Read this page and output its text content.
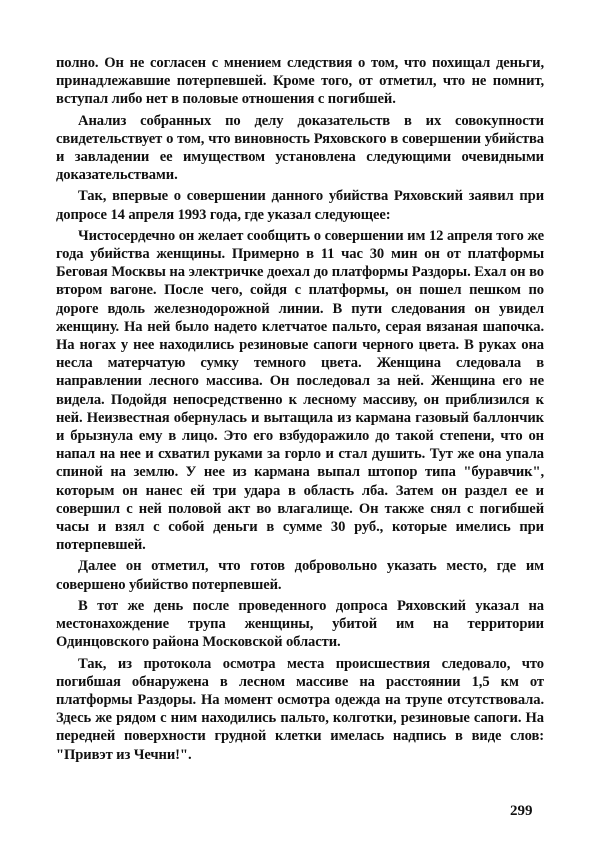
полно. Он не согласен с мнением следствия о том, что похищал деньги, принадлежавшие потерпевшей. Кроме того, от отметил, что не помнит, вступал либо нет в половые отношения с погибшей.

Анализ собранных по делу доказательств в их совокупности свидетельствует о том, что виновность Ряховского в совершении убийства и завладении ее имуществом установлена следующими очевидными доказательствами.

Так, впервые о совершении данного убийства Ряховский заявил при допросе 14 апреля 1993 года, где указал следующее:

Чистосердечно он желает сообщить о совершении им 12 апреля того же года убийства женщины. Примерно в 11 час 30 мин он от платформы Беговая Москвы на электричке доехал до платформы Раздоры. Ехал он во втором вагоне. После чего, сойдя с платформы, он пошел пешком по дороге вдоль железнодорожной линии. В пути следования он увидел женщину. На ней было надето клетчатое пальто, серая вязаная шапочка. На ногах у нее находились резиновые сапоги черного цвета. В руках она несла матерчатую сумку темного цвета. Женщина следовала в направлении лесного массива. Он последовал за ней. Женщина его не видела. Подойдя непосредственно к лесному массиву, он приблизился к ней. Неизвестная обернулась и вытащила из кармана газовый баллончик и брызнула ему в лицо. Это его взбудоражило до такой степени, что он напал на нее и схватил руками за горло и стал душить. Тут же она упала спиной на землю. У нее из кармана выпал штопор типа "буравчик", которым он нанес ей три удара в область лба. Затем он раздел ее и совершил с ней половой акт во влагалище. Он также снял с погибшей часы и взял с собой деньги в сумме 30 руб., которые имелись при потерпевшей.

Далее он отметил, что готов добровольно указать место, где им совершено убийство потерпевшей.

В тот же день после проведенного допроса Ряховский указал на местонахождение трупа женщины, убитой им на территории Одинцовского района Московской области.

Так, из протокола осмотра места происшествия следовало, что погибшая обнаружена в лесном массиве на расстоянии 1,5 км от платформы Раздоры. На момент осмотра одежда на трупе отсутствовала. Здесь же рядом с ним находились пальто, колготки, резиновые сапоги. На передней поверхности грудной клетки имелась надпись в виде слов: "Привэт из Чечни!".

299
